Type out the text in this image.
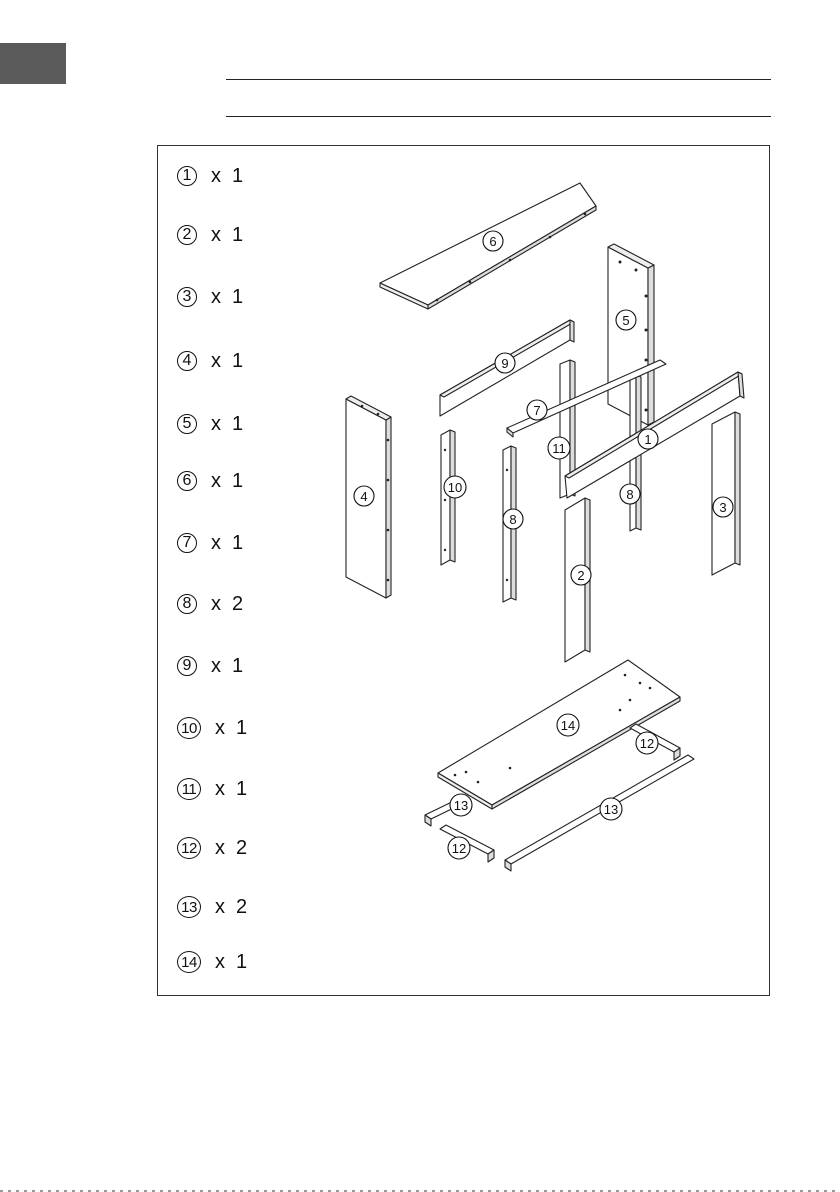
1 x 1
2 x 1
3 x 1
4 x 1
5 x 1
6 x 1
7 x 1
8 x 2
9 x 1
10 x 1
11 x 1
12 x 2
13 x 2
14 x 1
6
5
9
7
1
11
4
10	8
3
8
2
14
12
13	13
12
